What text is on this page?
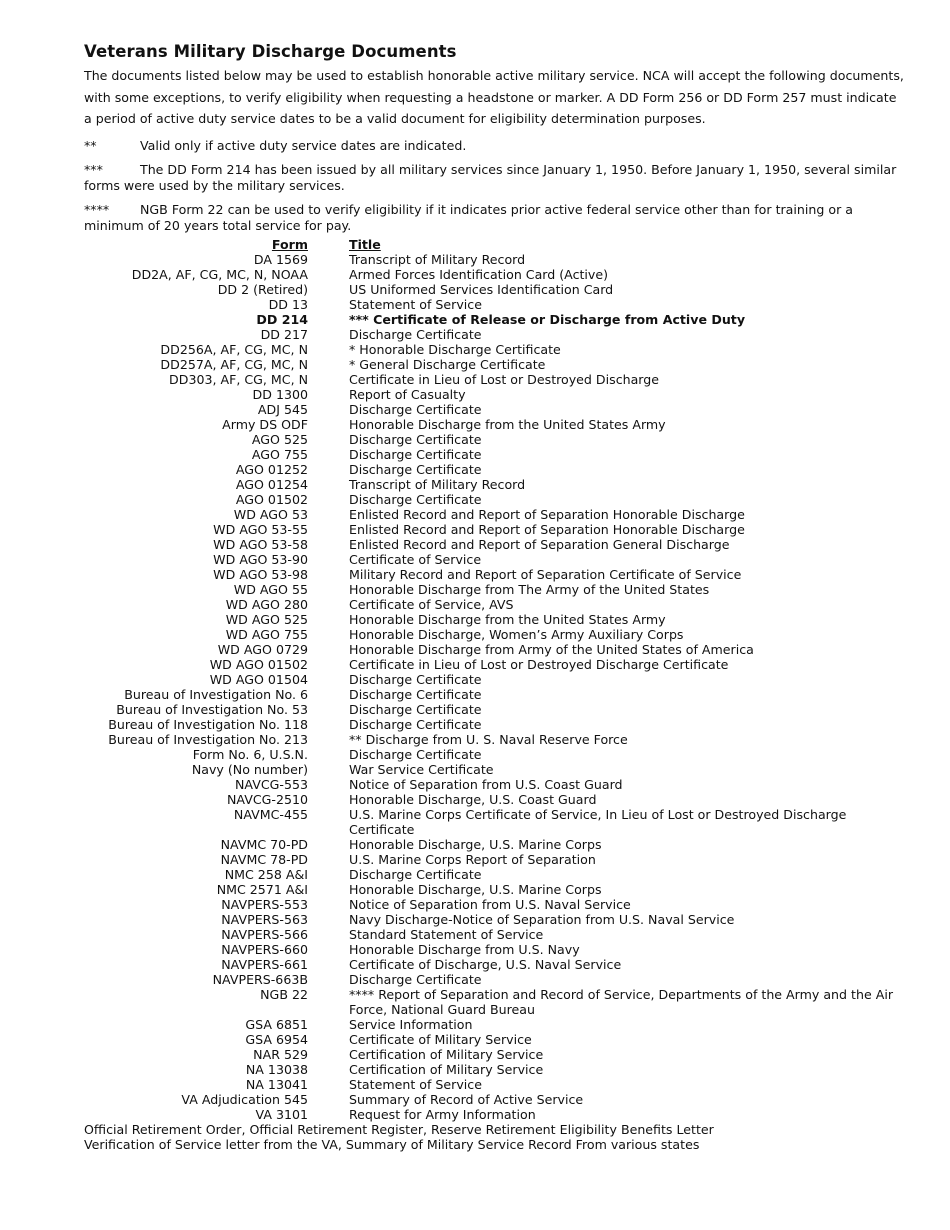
Veterans Military Discharge Documents

The documents listed below may be used to establish honorable active military service. NCA will accept the following documents, with some exceptions, to verify eligibility when requesting a headstone or marker. A DD Form 256 or DD Form 257 must indicate a period of active duty service dates to be a valid document for eligibility determination purposes.

**	Valid only if active duty service dates are indicated.

***	The DD Form 214 has been issued by all military services since January 1, 1950. Before January 1, 1950, several similar forms were used by the military services.

**** NGB Form 22 can be used to verify eligibility if it indicates prior active federal service other than for training or a minimum of 20 years total service for pay.

Form	Title
DA 1569	Transcript of Military Record
DD2A, AF, CG, MC, N, NOAA	Armed Forces Identification Card (Active)
DD 2 (Retired)	US Uniformed Services Identification Card
DD 13	Statement of Service
DD 214	*** Certificate of Release or Discharge from Active Duty
DD 217	Discharge Certificate
DD256A, AF, CG, MC, N	* Honorable Discharge Certificate
DD257A, AF, CG, MC, N	* General Discharge Certificate
DD303, AF, CG, MC, N	Certificate in Lieu of Lost or Destroyed Discharge
DD 1300	Report of Casualty
ADJ 545	Discharge Certificate
Army DS ODF	Honorable Discharge from the United States Army
AGO 525	Discharge Certificate
AGO 755	Discharge Certificate
AGO 01252	Discharge Certificate
AGO 01254	Transcript of Military Record
AGO 01502	Discharge Certificate
WD AGO 53	Enlisted Record and Report of Separation Honorable Discharge
WD AGO 53-55	Enlisted Record and Report of Separation Honorable Discharge
WD AGO 53-58	Enlisted Record and Report of Separation General Discharge
WD AGO 53-90	Certificate of Service
WD AGO 53-98	Military Record and Report of Separation Certificate of Service
WD AGO 55	Honorable Discharge from The Army of the United States
WD AGO 280	Certificate of Service, AVS
WD AGO 525	Honorable Discharge from the United States Army
WD AGO 755	Honorable Discharge, Women’s Army Auxiliary Corps
WD AGO 0729	Honorable Discharge from Army of the United States of America
WD AGO 01502	Certificate in Lieu of Lost or Destroyed Discharge Certificate
WD AGO 01504	Discharge Certificate
Bureau of Investigation No. 6	Discharge Certificate
Bureau of Investigation No. 53	Discharge Certificate
Bureau of Investigation No. 118	Discharge Certificate
Bureau of Investigation No. 213	** Discharge from U. S. Naval Reserve Force
Form No. 6, U.S.N.	Discharge Certificate
Navy (No number)	War Service Certificate
NAVCG-553	Notice of Separation from U.S. Coast Guard
NAVCG-2510	Honorable Discharge, U.S. Coast Guard
NAVMC-455	U.S. Marine Corps Certificate of Service, In Lieu of Lost or Destroyed Discharge Certificate
NAVMC 70-PD	Honorable Discharge, U.S. Marine Corps
NAVMC 78-PD	U.S. Marine Corps Report of Separation
NMC 258 A&I	Discharge Certificate
NMC 2571 A&I	Honorable Discharge, U.S. Marine Corps
NAVPERS-553	Notice of Separation from U.S. Naval Service
NAVPERS-563	Navy Discharge-Notice of Separation from U.S. Naval Service
NAVPERS-566	Standard Statement of Service
NAVPERS-660	Honorable Discharge from U.S. Navy
NAVPERS-661	Certificate of Discharge, U.S. Naval Service
NAVPERS-663B	Discharge Certificate
NGB 22	**** Report of Separation and Record of Service, Departments of the Army and the Air Force, National Guard Bureau
GSA 6851	Service Information
GSA 6954	Certificate of Military Service
NAR 529	Certification of Military Service
NA 13038	Certification of Military Service
NA 13041	Statement of Service
VA Adjudication 545	Summary of Record of Active Service
VA 3101	Request for Army Information

Official Retirement Order, Official Retirement Register, Reserve Retirement Eligibility Benefits Letter

Verification of Service letter from the VA, Summary of Military Service Record From various states
